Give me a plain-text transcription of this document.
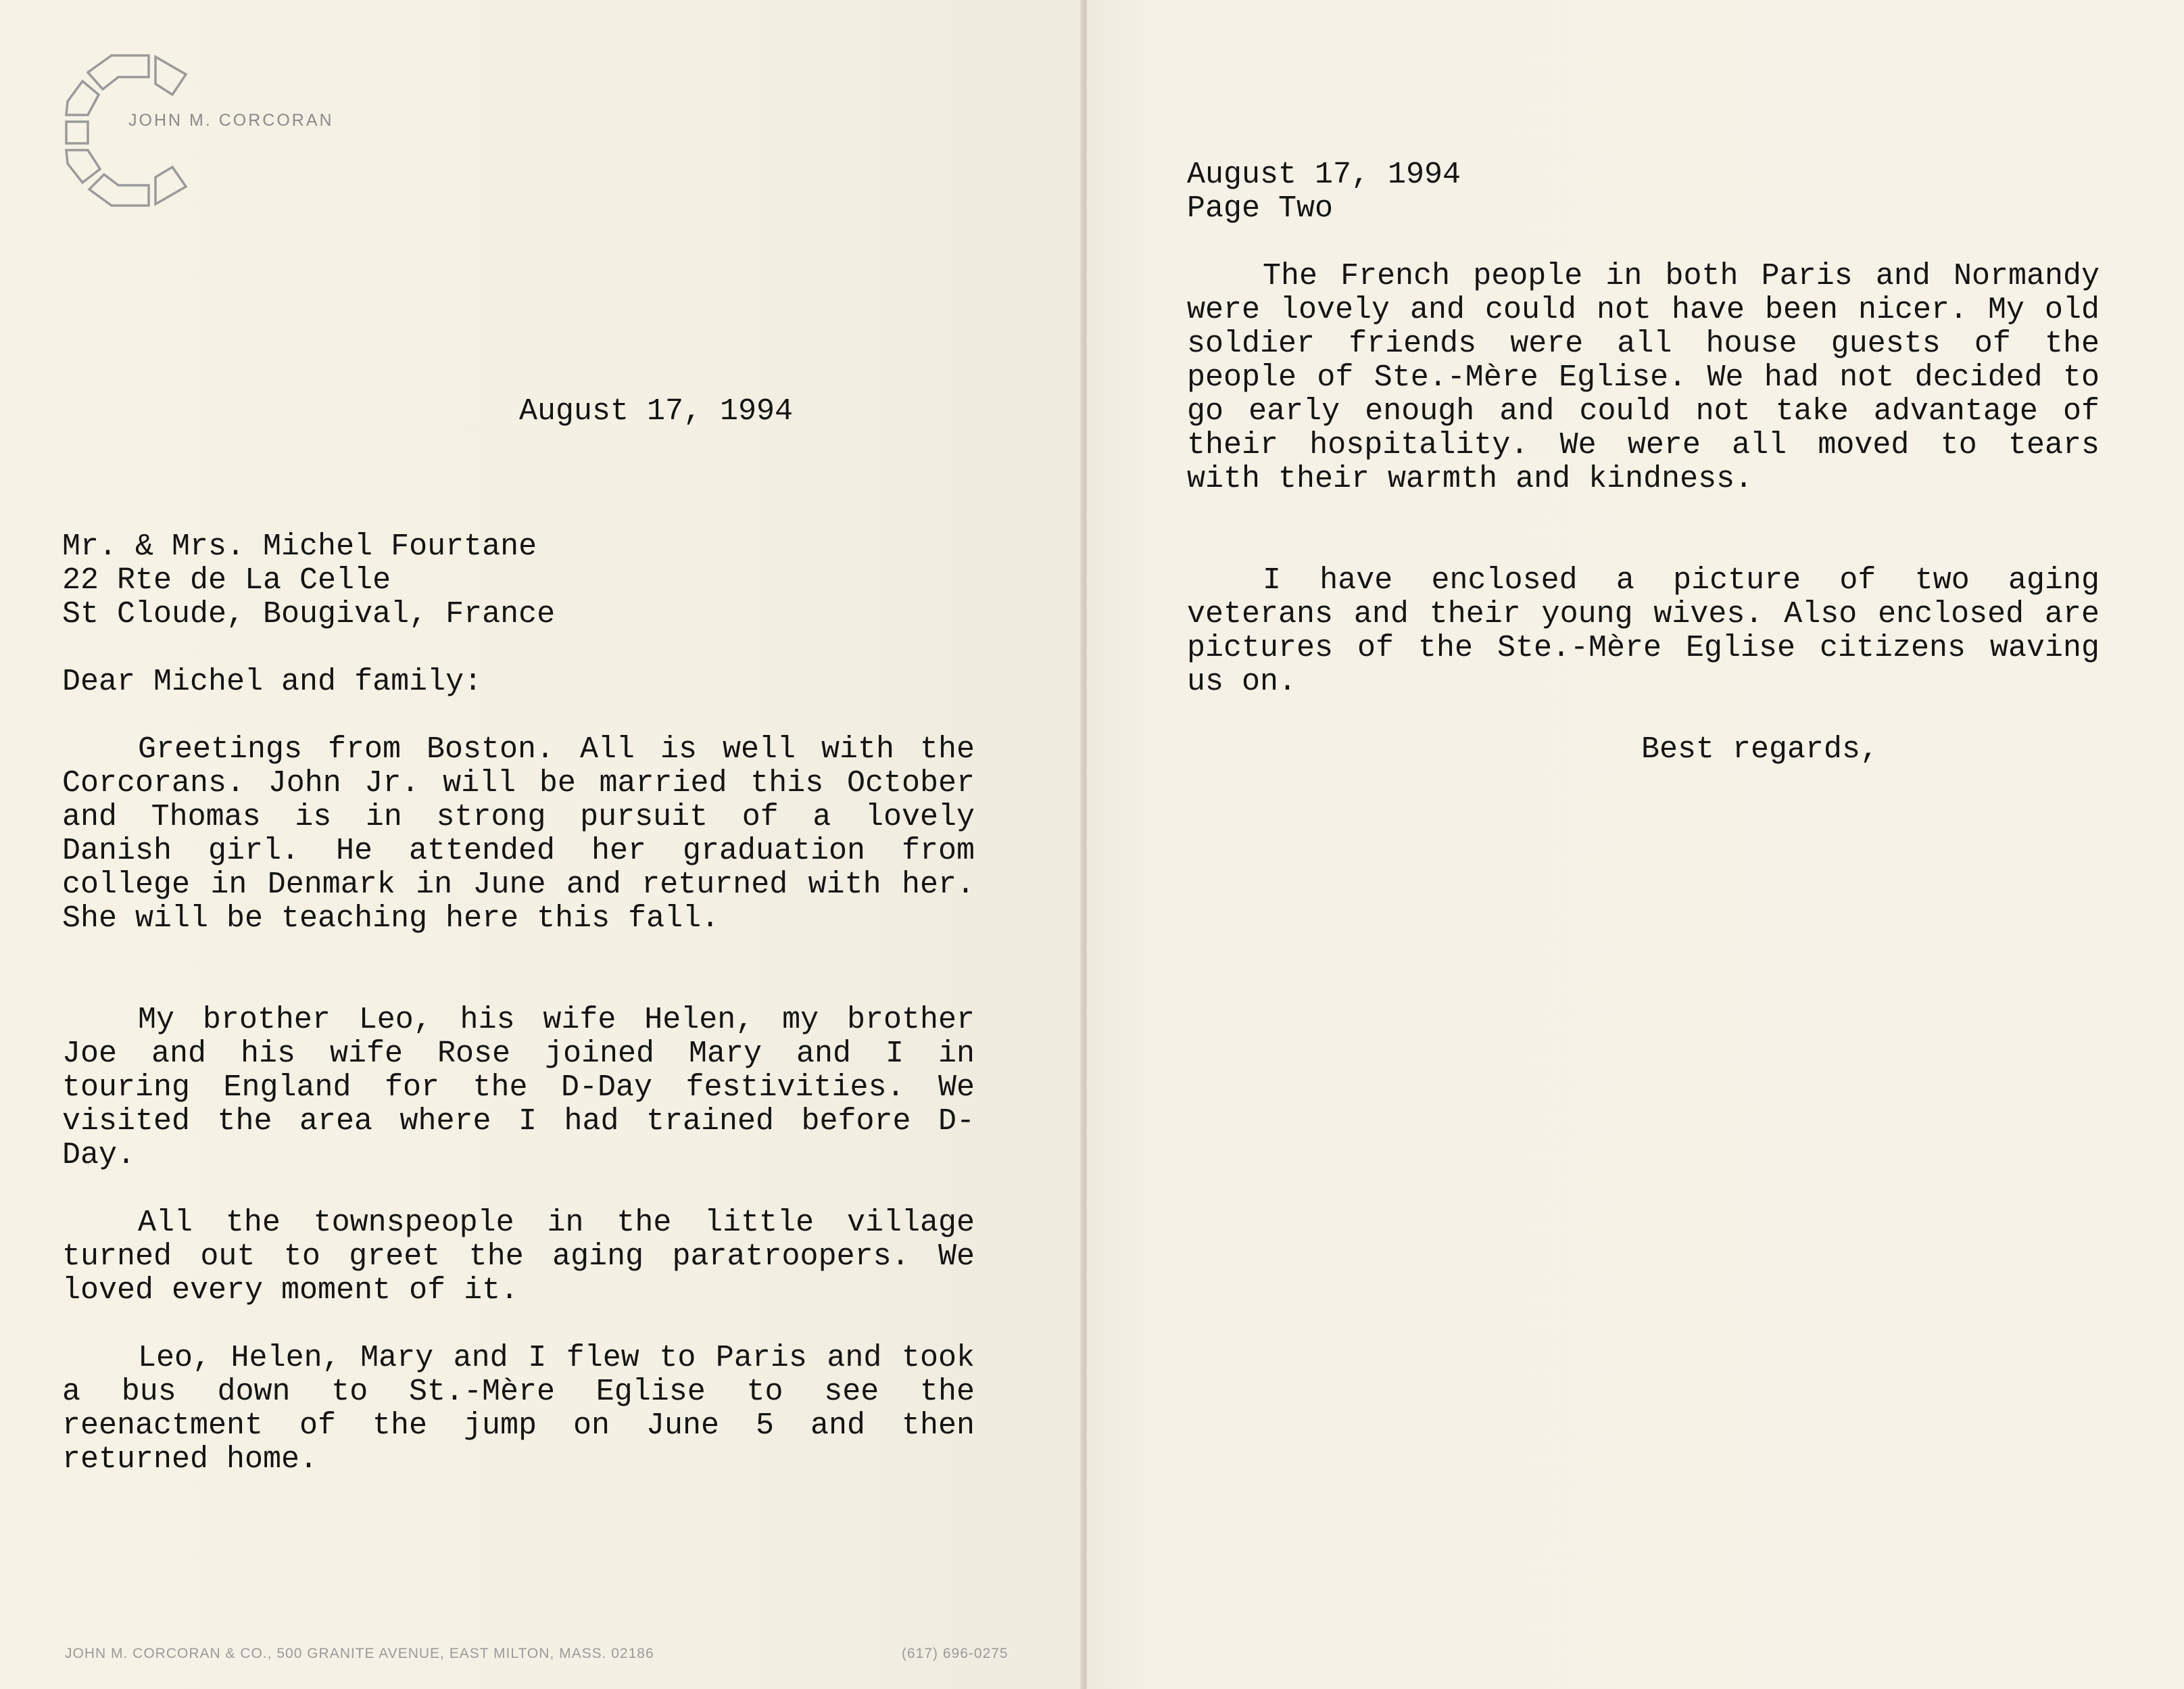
JOHN M. CORCORAN
August 17, 1994
Mr. & Mrs. Michel Fourtane
22 Rte de La Celle
St Cloude, Bougival, France
Dear Michel and family:

Greetings from Boston. All is well with the Corcorans. John Jr. will be married this October and Thomas is in strong pursuit of a lovely Danish girl. He attended her graduation from college in Denmark in June and returned with her. She will be teaching here this fall.

My brother Leo, his wife Helen, my brother Joe and his wife Rose joined Mary and I in touring England for the D-Day festivities. We visited the area where I had trained before D-Day.

All the townspeople in the little village turned out to greet the aging paratroopers. We loved every moment of it.

Leo, Helen, Mary and I flew to Paris and took a bus down to St.-Mère Eglise to see the reenactment of the jump on June 5 and then returned home.

JOHN M. CORCORAN & CO., 500 GRANITE AVENUE, EAST MILTON, MASS. 02186	(617) 696-0275
August 17, 1994
Page Two

The French people in both Paris and Normandy were lovely and could not have been nicer. My old soldier friends were all house guests of the people of Ste.-Mère Eglise. We had not decided to go early enough and could not take advantage of their hospitality. We were all moved to tears with their warmth and kindness.

I have enclosed a picture of two aging veterans and their young wives. Also enclosed are pictures of the Ste.-Mère Eglise citizens waving us on.

Best regards,
